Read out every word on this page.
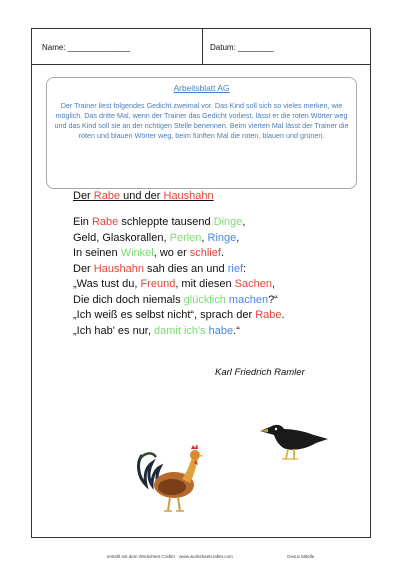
Name: ______________	Datum: ________
Arbeitsblatt AG
Der Trainer liest folgendes Gedicht zweimal vor. Das Kind soll sich so vieles merken, wie möglich. Das dritte Mal, wenn der Trainer das Gedicht vorliest, lässt er die roten Wörter weg und das Kind soll sie an der richtigen Stelle benennen. Beim vierten Mal lässt der Trainer die roten und blauen Wörter weg, beim fünften Mal die roten, blauen und grünen.
Karl Friedrich Ramler
erstellt mit dem Worksheet Crafter · www.worksheetcrafter.com	Gesuz Mitelle
Der Rabe und der Haushahn
Ein Rabe schleppte tausend Dinge,
Geld, Glaskorallen, Perlen, Ringe,
In seinen Winkel, wo er schlief.
Der Haushahn sah dies an und rief:
„Was tust du, Freund, mit diesen Sachen,
Die dich doch niemals glücklich machen?“
„Ich weiß es selbst nicht“, sprach der Rabe.
„Ich hab' es nur, damit ich's habe.“
